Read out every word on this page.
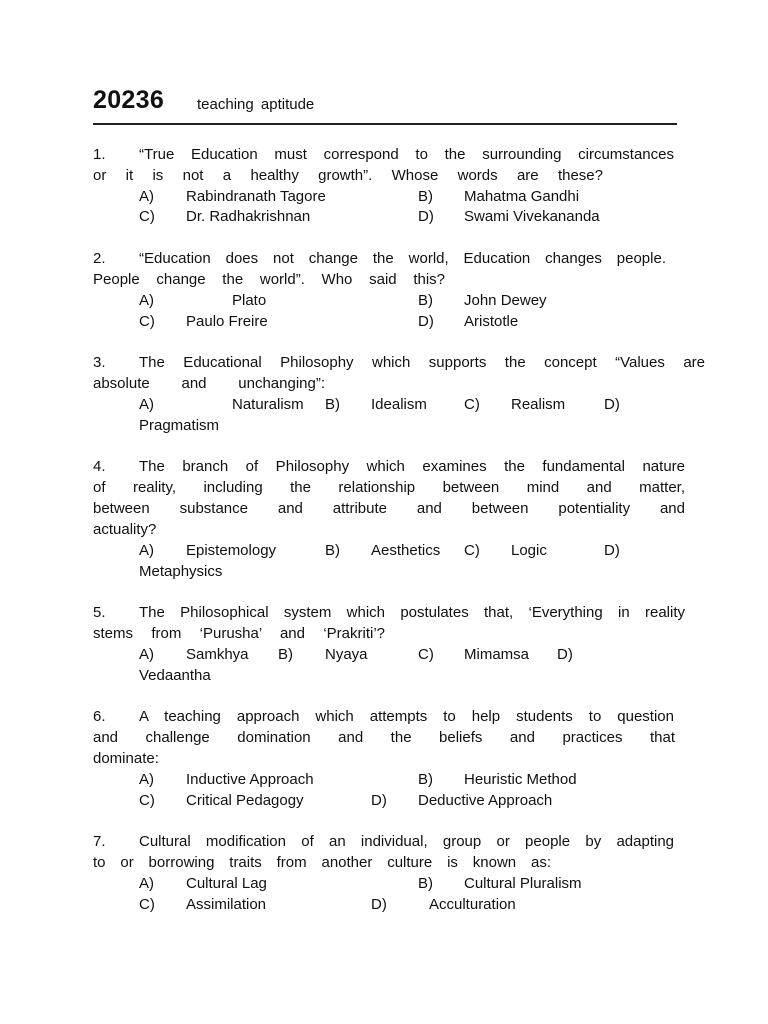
20236 teaching aptitude
1. “True Education must correspond to the surrounding circumstances
or it is not a healthy growth”. Whose words are these?
A) Rabindranath Tagore	B) Mahatma Gandhi
C) Dr. Radhakrishnan	D) Swami Vivekananda
2. “Education does not change the world, Education changes people.
People change the world”. Who said this?
A)	Plato	B) John Dewey
C) Paulo Freire	D) Aristotle
3. The Educational Philosophy which supports the concept “Values are
absolute and unchanging”:
A)	Naturalism B) Idealism C) Realism	D)
Pragmatism
4. The branch of Philosophy which examines the fundamental nature
of reality, including the relationship between mind and matter,
between substance and attribute and between potentiality and
actuality?
A) Epistemology	B) Aesthetics C) Logic	D)
Metaphysics
5. The Philosophical system which postulates that, ‘Everything in reality
stems from ‘Purusha’ and ‘Prakriti’?
A) Samkhya B) Nyaya	C) Mimamsa D)
Vedaantha
6. A teaching approach which attempts to help students to question
and challenge domination and the beliefs and practices that
dominate:
A) Inductive Approach	B) Heuristic Method
C) Critical Pedagogy	D) Deductive Approach
7. Cultural modification of an individual, group or people by adapting
to or borrowing traits from another culture is known as:
A) Cultural Lag	B) Cultural Pluralism
C) Assimilation	D)	Acculturation
